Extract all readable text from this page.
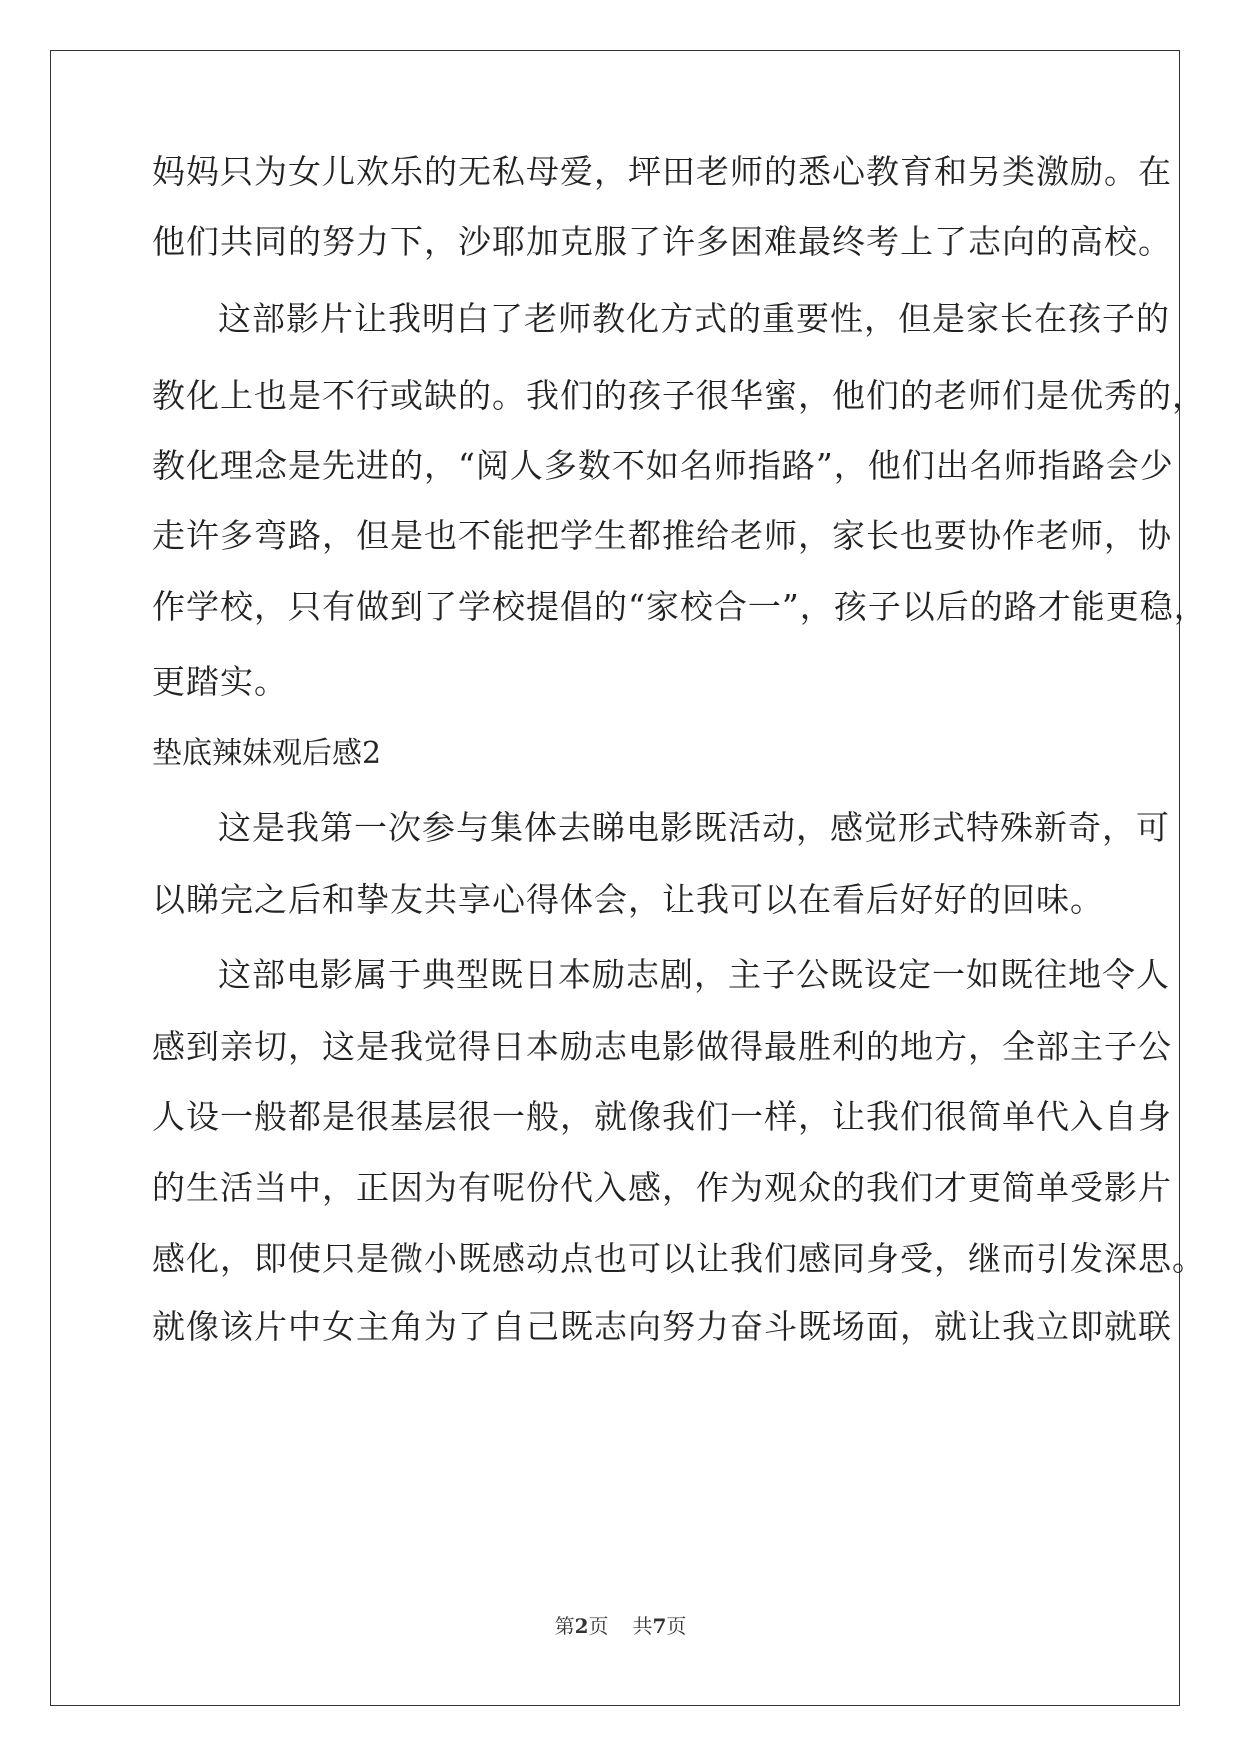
妈妈只为女儿欢乐的无私母爱，坪田老师的悉心教育和另类激励。在
他们共同的努力下，沙耶加克服了许多困难最终考上了志向的高校。
这部影片让我明白了老师教化方式的重要性，但是家长在孩子的
教化上也是不行或缺的。我们的孩子很华蜜，他们的老师们是优秀的，
教化理念是先进的，“阅人多数不如名师指路”，他们出名师指路会少
走许多弯路，但是也不能把学生都推给老师，家长也要协作老师，协
作学校，只有做到了学校提倡的“家校合一”，孩子以后的路才能更稳，
更踏实。
垫底辣妹观后感2
这是我第一次参与集体去睇电影既活动，感觉形式特殊新奇，可
以睇完之后和挚友共享心得体会，让我可以在看后好好的回味。
这部电影属于典型既日本励志剧，主子公既设定一如既往地令人
感到亲切，这是我觉得日本励志电影做得最胜利的地方，全部主子公
人设一般都是很基层很一般，就像我们一样，让我们很简单代入自身
的生活当中，正因为有呢份代入感，作为观众的我们才更简单受影片
感化，即使只是微小既感动点也可以让我们感同身受，继而引发深思。
就像该片中女主角为了自己既志向努力奋斗既场面，就让我立即就联
第2页 共7页
